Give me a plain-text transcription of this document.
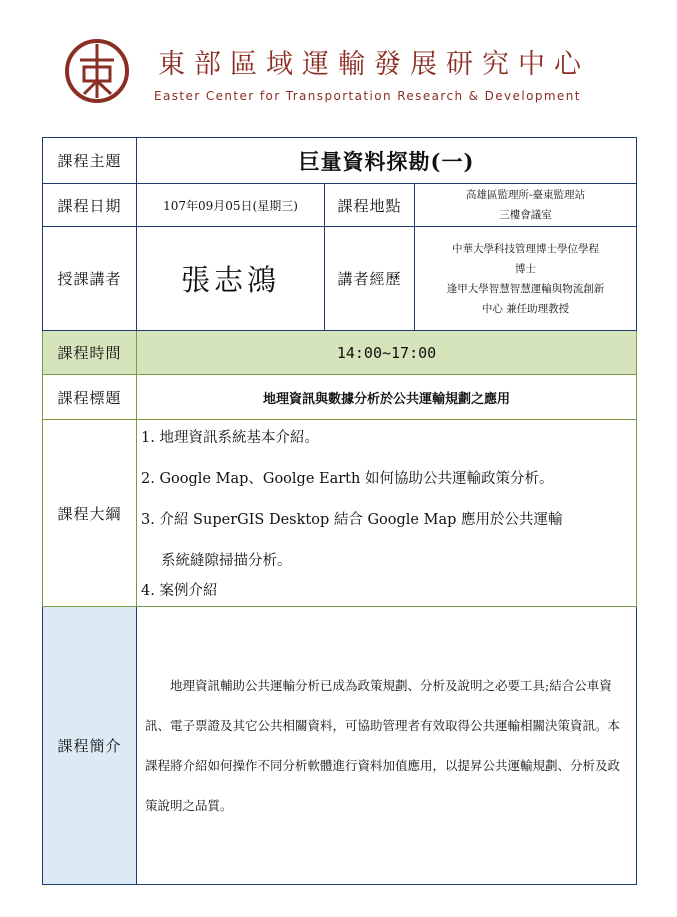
東部區域運輸發展研究中心
Easter Center for Transportation Research & Development
課程主題	巨量資料探勘(一)		
課程日期	107年09月05日(星期三)	課程地點	高雄區監理所-臺東監理站
三樓會議室

授課講者	張志鴻	講者經歷	中華大學科技管理博士學位學程
博士
逢甲大學智慧智慧運輸與物流創新
中心 兼任助理教授

課程時間	14:00~17:00		
課程標題	地理資訊與數據分析於公共運輸規劃之應用		
課程大綱	1. 地理資訊系統基本介紹。
2. Google Map、Goolge Earth 如何協助公共運輸政策分析。
3. 介紹 SuperGIS Desktop 結合 Google Map 應用於公共運輸
系統縫隙掃描分析。
4. 案例介紹		

課程簡介	地理資訊輔助公共運輸分析已成為政策規劃、分析及說明之必要工具;結合公車資訊、電子票證及其它公共相關資料，可協助管理者有效取得公共運輸相關決策資訊。本課程將介紹如何操作不同分析軟體進行資料加值應用，以提昇公共運輸規劃、分析及政策說明之品質。		
